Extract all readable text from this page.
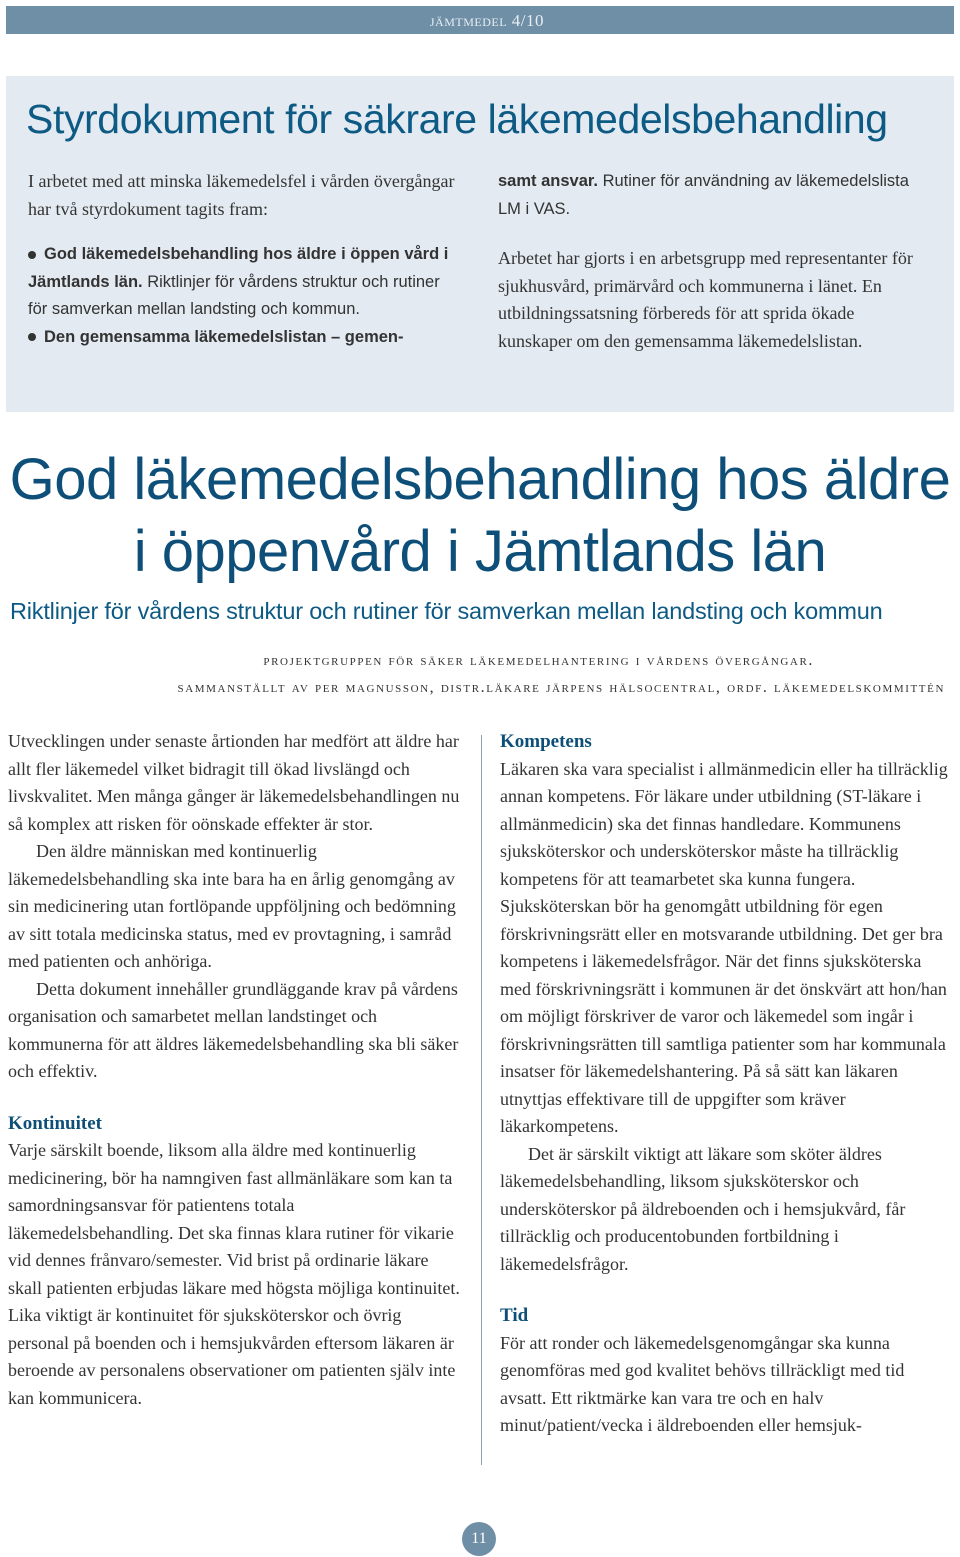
jämtmedel 4/10
Styrdokument för säkrare läkemedelsbehandling
I arbetet med att minska läkemedelsfel i vården övergångar har två styrdokument tagits fram:
God läkemedelsbehandling hos äldre i öppen vård i Jämtlands län. Riktlinjer för vårdens struktur och rutiner för samverkan mellan landsting och kommun.
Den gemensamma läkemedelslistan – gemen-
samt ansvar. Rutiner för användning av läkemedelslista LM i VAS.
Arbetet har gjorts i en arbetsgrupp med representanter för sjukhusvård, primärvård och kommunerna i länet. En utbildningssatsning förbereds för att sprida ökade kunskaper om den gemensamma läkemedelslistan.
God läkemedelsbehandling hos äldre
i öppenvård i Jämtlands län
Riktlinjer för vårdens struktur och rutiner för samverkan mellan landsting och kommun
projektgruppen för säker läkemedelhantering i vårdens övergångar.
sammanställt av per magnusson, distr.läkare järpens hälsocentral, ordf. läkemedelskommittén

Utvecklingen under senaste årtionden har medfört att äldre har allt fler läkemedel vilket bidragit till ökad livslängd och livskvalitet. Men många gånger är läkemedelsbehandlingen nu så komplex att risken för oönskade effekter är stor.

Den äldre människan med kontinuerlig läkemedelsbehandling ska inte bara ha en årlig genomgång av sin medicinering utan fortlöpande uppföljning och bedömning av sitt totala medicinska status, med ev provtagning, i samråd med patienten och anhöriga.

Detta dokument innehåller grundläggande krav på vårdens organisation och samarbetet mellan landstinget och kommunerna för att äldres läkemedelsbehandling ska bli säker och effektiv.

Kontinuitet

Varje särskilt boende, liksom alla äldre med kontinuerlig medicinering, bör ha namngiven fast allmänläkare som kan ta samordningsansvar för patientens totala läkemedelsbehandling. Det ska finnas klara rutiner för vikarie vid dennes frånvaro/semester. Vid brist på ordinarie läkare skall patienten erbjudas läkare med högsta möjliga kontinuitet. Lika viktigt är kontinuitet för sjuksköterskor och övrig personal på boenden och i hemsjukvården eftersom läkaren är beroende av personalens observationer om patienten själv inte kan kommunicera.

Kompetens

Läkaren ska vara specialist i allmänmedicin eller ha tillräcklig annan kompetens. För läkare under utbildning (ST-läkare i allmänmedicin) ska det finnas handledare. Kommunens sjuksköterskor och undersköterskor måste ha tillräcklig kompetens för att teamarbetet ska kunna fungera. Sjuksköterskan bör ha genomgått utbildning för egen förskrivningsrätt eller en motsvarande utbildning. Det ger bra kompetens i läkemedelsfrågor. När det finns sjuksköterska med förskrivningsrätt i kommunen är det önskvärt att hon/han om möjligt förskriver de varor och läkemedel som ingår i förskrivningsrätten till samtliga patienter som har kommunala insatser för läkemedelshantering. På så sätt kan läkaren utnyttjas effektivare till de uppgifter som kräver läkarkompetens.

Det är särskilt viktigt att läkare som sköter äldres läkemedelsbehandling, liksom sjuksköterskor och undersköterskor på äldreboenden och i hemsjukvård, får tillräcklig och producentobunden fortbildning i läkemedelsfrågor.

Tid

För att ronder och läkemedelsgenomgångar ska kunna genomföras med god kvalitet behövs tillräckligt med tid avsatt. Ett riktmärke kan vara tre och en halv minut/patient/vecka i äldreboenden eller hemsjuk-

11
